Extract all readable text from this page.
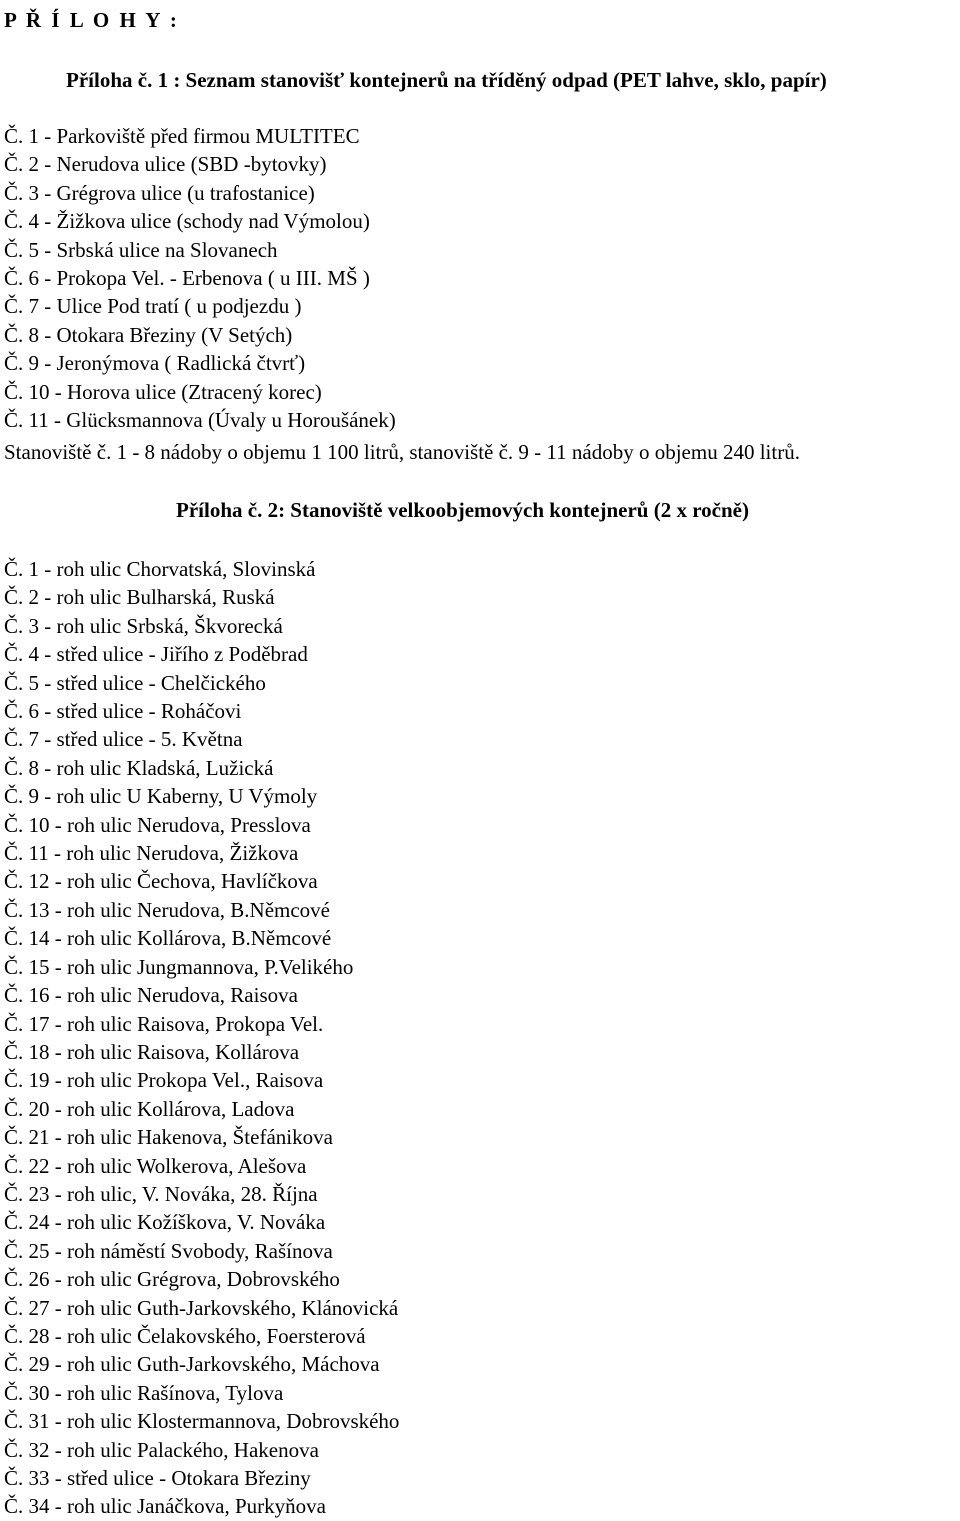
P Ř Í L O H Y :
Příloha č. 1 : Seznam stanovišť kontejnerů na tříděný odpad (PET lahve, sklo, papír)
Č. 1 - Parkoviště před firmou MULTITEC
Č. 2 - Nerudova ulice (SBD -bytovky)
Č. 3 - Grégrova ulice (u trafostanice)
Č. 4 - Žižkova ulice (schody nad Výmolou)
Č. 5 - Srbská ulice na Slovanech
Č. 6 - Prokopa Vel. - Erbenova ( u III. MŠ )
Č. 7 - Ulice Pod tratí ( u podjezdu )
Č. 8 - Otokara Březiny (V Setých)
Č. 9 - Jeronýmova ( Radlická čtvrť)
Č. 10 - Horova ulice (Ztracený korec)
Č. 11 - Glücksmannova (Úvaly u Horoušánek)

Stanoviště č. 1 - 8 nádoby o objemu 1 100 litrů, stanoviště č. 9 - 11 nádoby o objemu 240 litrů.

Příloha č. 2: Stanoviště velkoobjemových kontejnerů (2 x ročně)
Č. 1 - roh ulic Chorvatská, Slovinská
Č. 2 - roh ulic Bulharská, Ruská
Č. 3 - roh ulic Srbská, Škvorecká
Č. 4 - střed ulice - Jiřího z Poděbrad
Č. 5 - střed ulice - Chelčického
Č. 6 - střed ulice - Roháčovi
Č. 7 - střed ulice - 5. Května
Č. 8 - roh ulic Kladská, Lužická
Č. 9 - roh ulic U Kaberny, U Výmoly
Č. 10 - roh ulic Nerudova, Presslova
Č. 11 - roh ulic Nerudova, Žižkova
Č. 12 - roh ulic Čechova, Havlíčkova
Č. 13 - roh ulic Nerudova, B.Němcové
Č. 14 - roh ulic Kollárova, B.Němcové
Č. 15 - roh ulic Jungmannova, P.Velikého
Č. 16 - roh ulic Nerudova, Raisova
Č. 17 - roh ulic Raisova, Prokopa Vel.
Č. 18 - roh ulic Raisova, Kollárova
Č. 19 - roh ulic Prokopa Vel., Raisova
Č. 20 - roh ulic Kollárova, Ladova
Č. 21 - roh ulic Hakenova, Štefánikova
Č. 22 - roh ulic Wolkerova, Alešova
Č. 23 - roh ulic, V. Nováka, 28. Října
Č. 24 - roh ulic Kožíškova, V. Nováka
Č. 25 - roh náměstí Svobody, Rašínova
Č. 26 - roh ulic Grégrova, Dobrovského
Č. 27 - roh ulic Guth-Jarkovského, Klánovická
Č. 28 - roh ulic Čelakovského, Foersterová
Č. 29 - roh ulic Guth-Jarkovského, Máchova
Č. 30 - roh ulic Rašínova, Tylova
Č. 31 - roh ulic Klostermannova, Dobrovského
Č. 32 - roh ulic Palackého, Hakenova
Č. 33 - střed ulice - Otokara Březiny
Č. 34 - roh ulic Janáčkova, Purkyňova
